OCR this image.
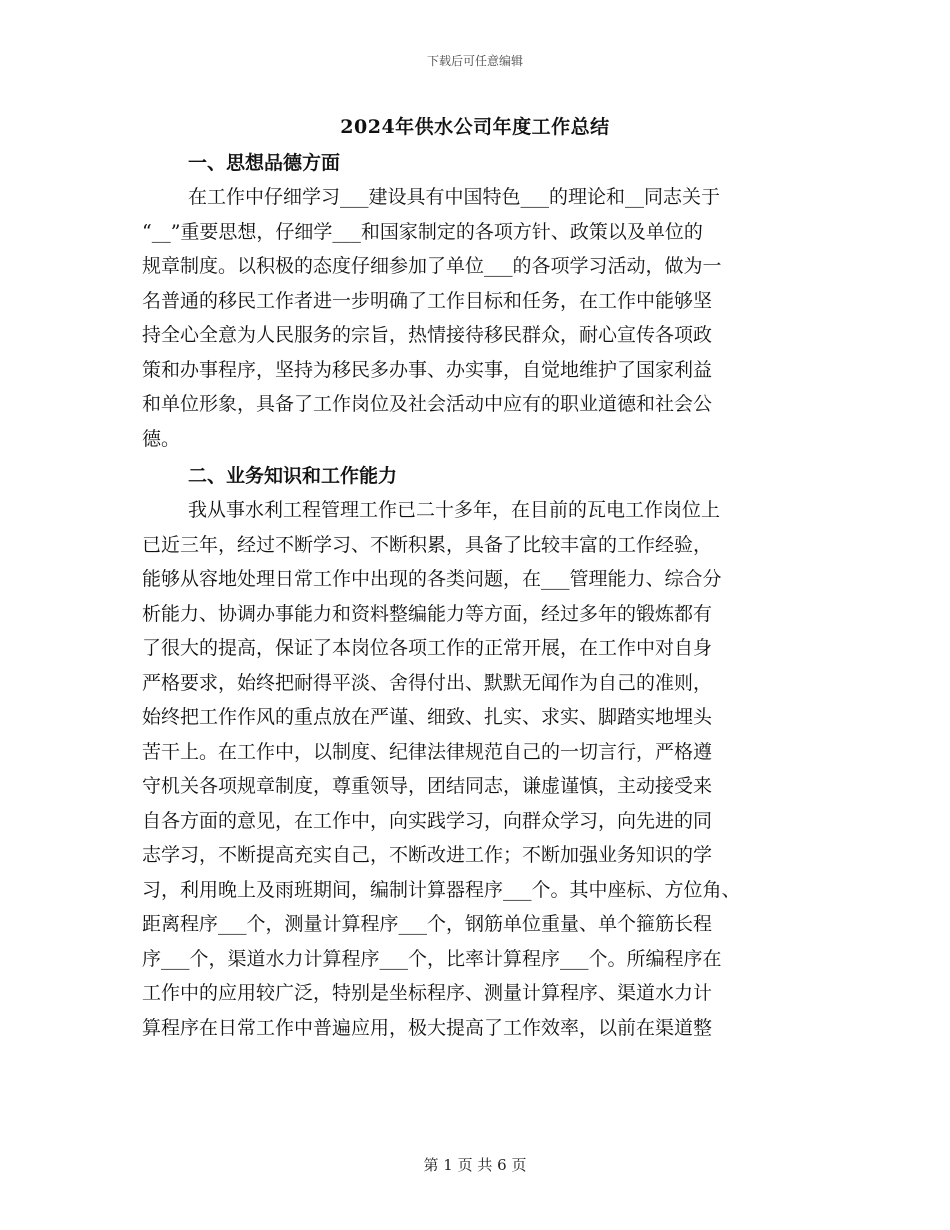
下载后可任意编辑
2024年供水公司年度工作总结

一、思想品德方面

在工作中仔细学习___建设具有中国特色___的理论和__同志关于

“__”重要思想，仔细学___和国家制定的各项方针、政策以及单位的

规章制度。以积极的态度仔细参加了单位___的各项学习活动，做为一

名普通的移民工作者进一步明确了工作目标和任务，在工作中能够坚

持全心全意为人民服务的宗旨，热情接待移民群众，耐心宣传各项政

策和办事程序，坚持为移民多办事、办实事，自觉地维护了国家利益

和单位形象，具备了工作岗位及社会活动中应有的职业道德和社会公

德。

二、业务知识和工作能力

我从事水利工程管理工作已二十多年，在目前的瓦电工作岗位上

已近三年，经过不断学习、不断积累，具备了比较丰富的工作经验，

能够从容地处理日常工作中出现的各类问题，在___管理能力、综合分

析能力、协调办事能力和资料整编能力等方面，经过多年的锻炼都有

了很大的提高，保证了本岗位各项工作的正常开展，在工作中对自身

严格要求，始终把耐得平淡、舍得付出、默默无闻作为自己的准则，

始终把工作作风的重点放在严谨、细致、扎实、求实、脚踏实地埋头

苦干上。在工作中，以制度、纪律法律规范自己的一切言行，严格遵

守机关各项规章制度，尊重领导，团结同志，谦虚谨慎，主动接受来

自各方面的意见，在工作中，向实践学习，向群众学习，向先进的同

志学习，不断提高充实自己，不断改进工作；不断加强业务知识的学

习，利用晚上及雨班期间，编制计算器程序___个。其中座标、方位角、

距离程序___个，测量计算程序___个，钢筋单位重量、单个箍筋长程

序___个，渠道水力计算程序___个，比率计算程序___个。所编程序在

工作中的应用较广泛，特别是坐标程序、测量计算程序、渠道水力计

算程序在日常工作中普遍应用，极大提高了工作效率，以前在渠道整

第 1 页 共 6 页
